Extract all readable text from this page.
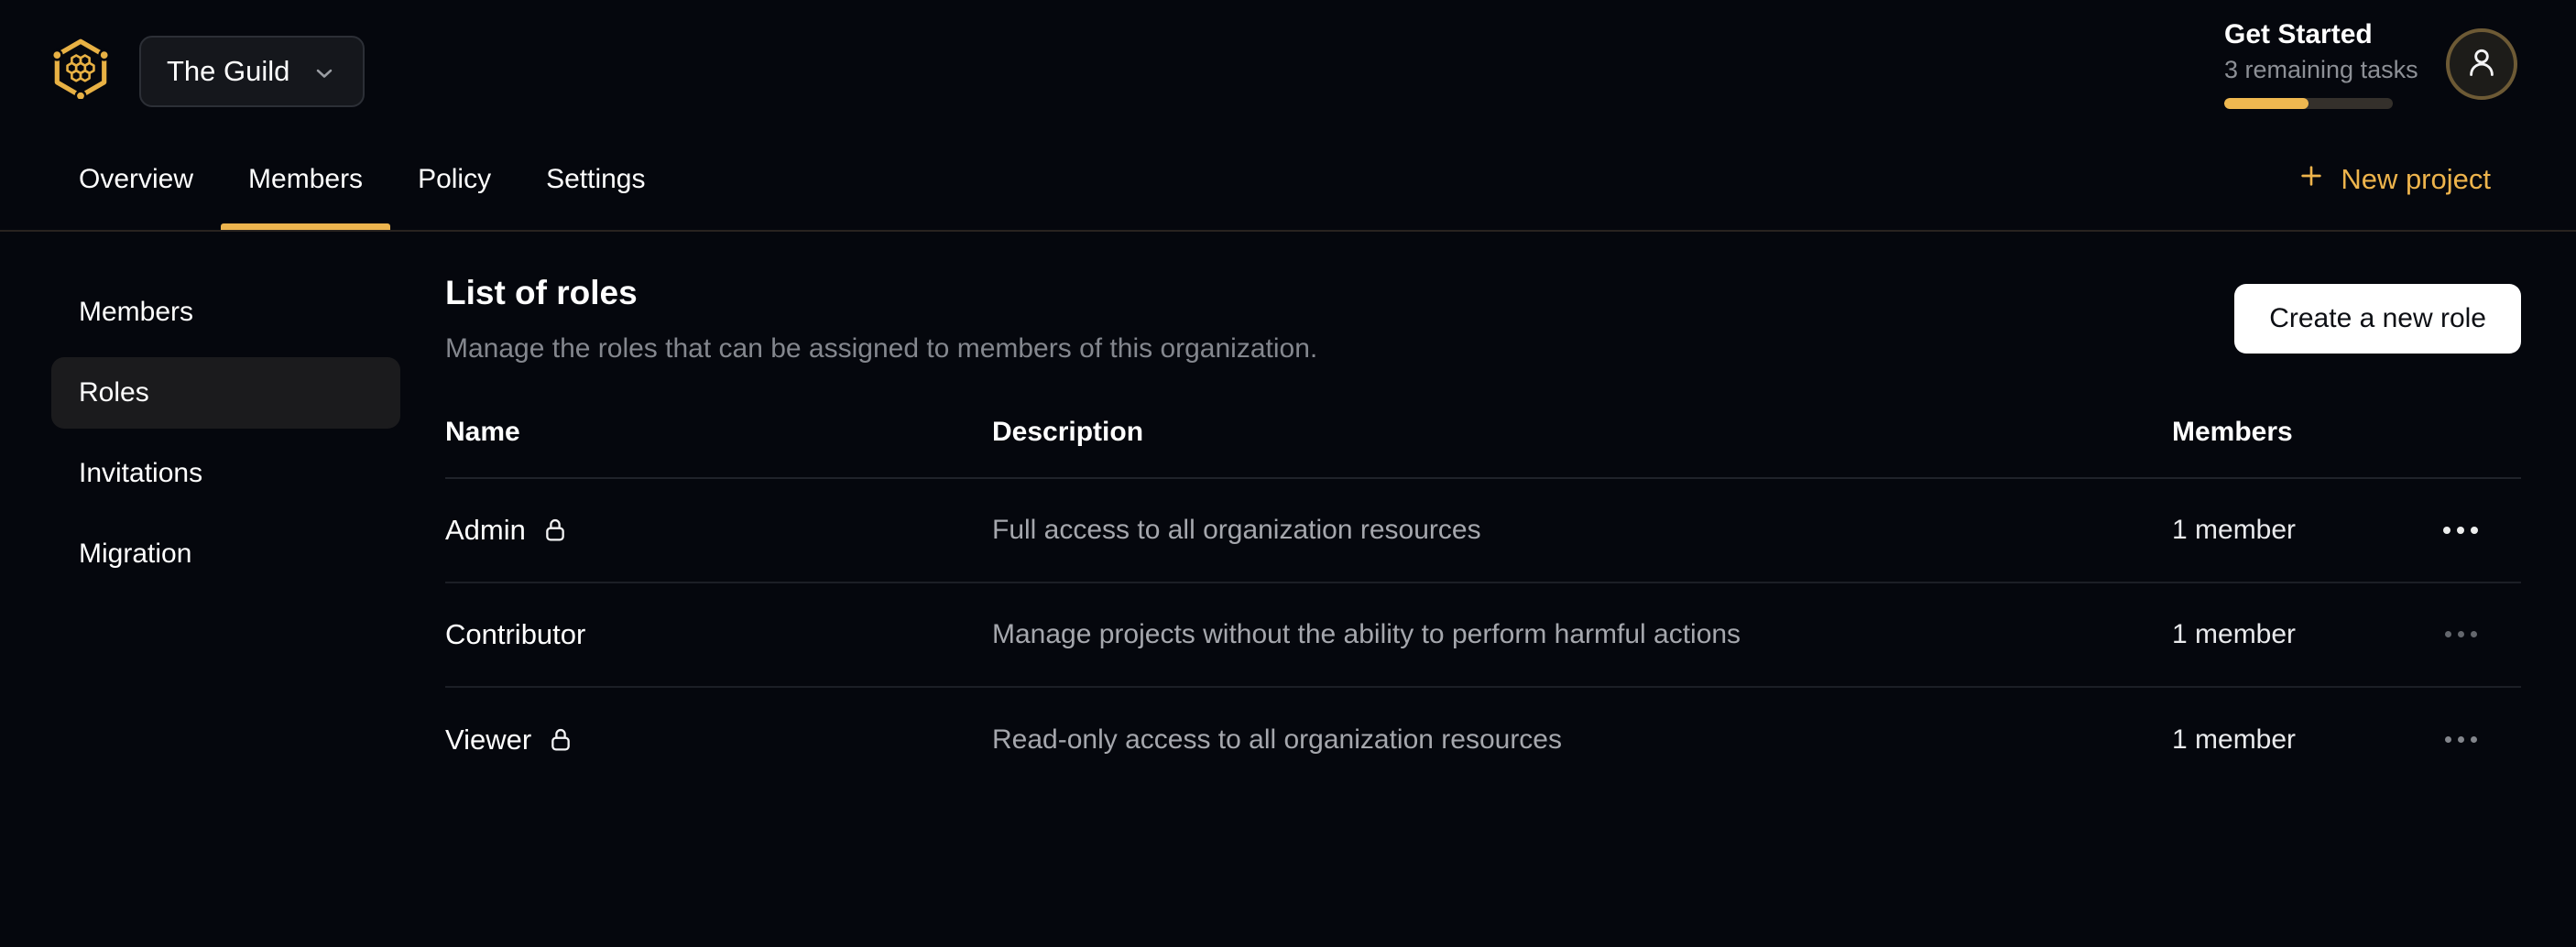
The Guild
Get Started
3 remaining tasks
Overview	Members	Policy	Settings	New project
Members
Roles
Invitations
Migration
List of roles

Manage the roles that can be assigned to members of this organization.

Create a new role
Name	Description	Members
Admin	Full access to all organization resources	1 member
Contributor	Manage projects without the ability to perform harmful actions	1 member
Viewer	Read-only access to all organization resources	1 member
